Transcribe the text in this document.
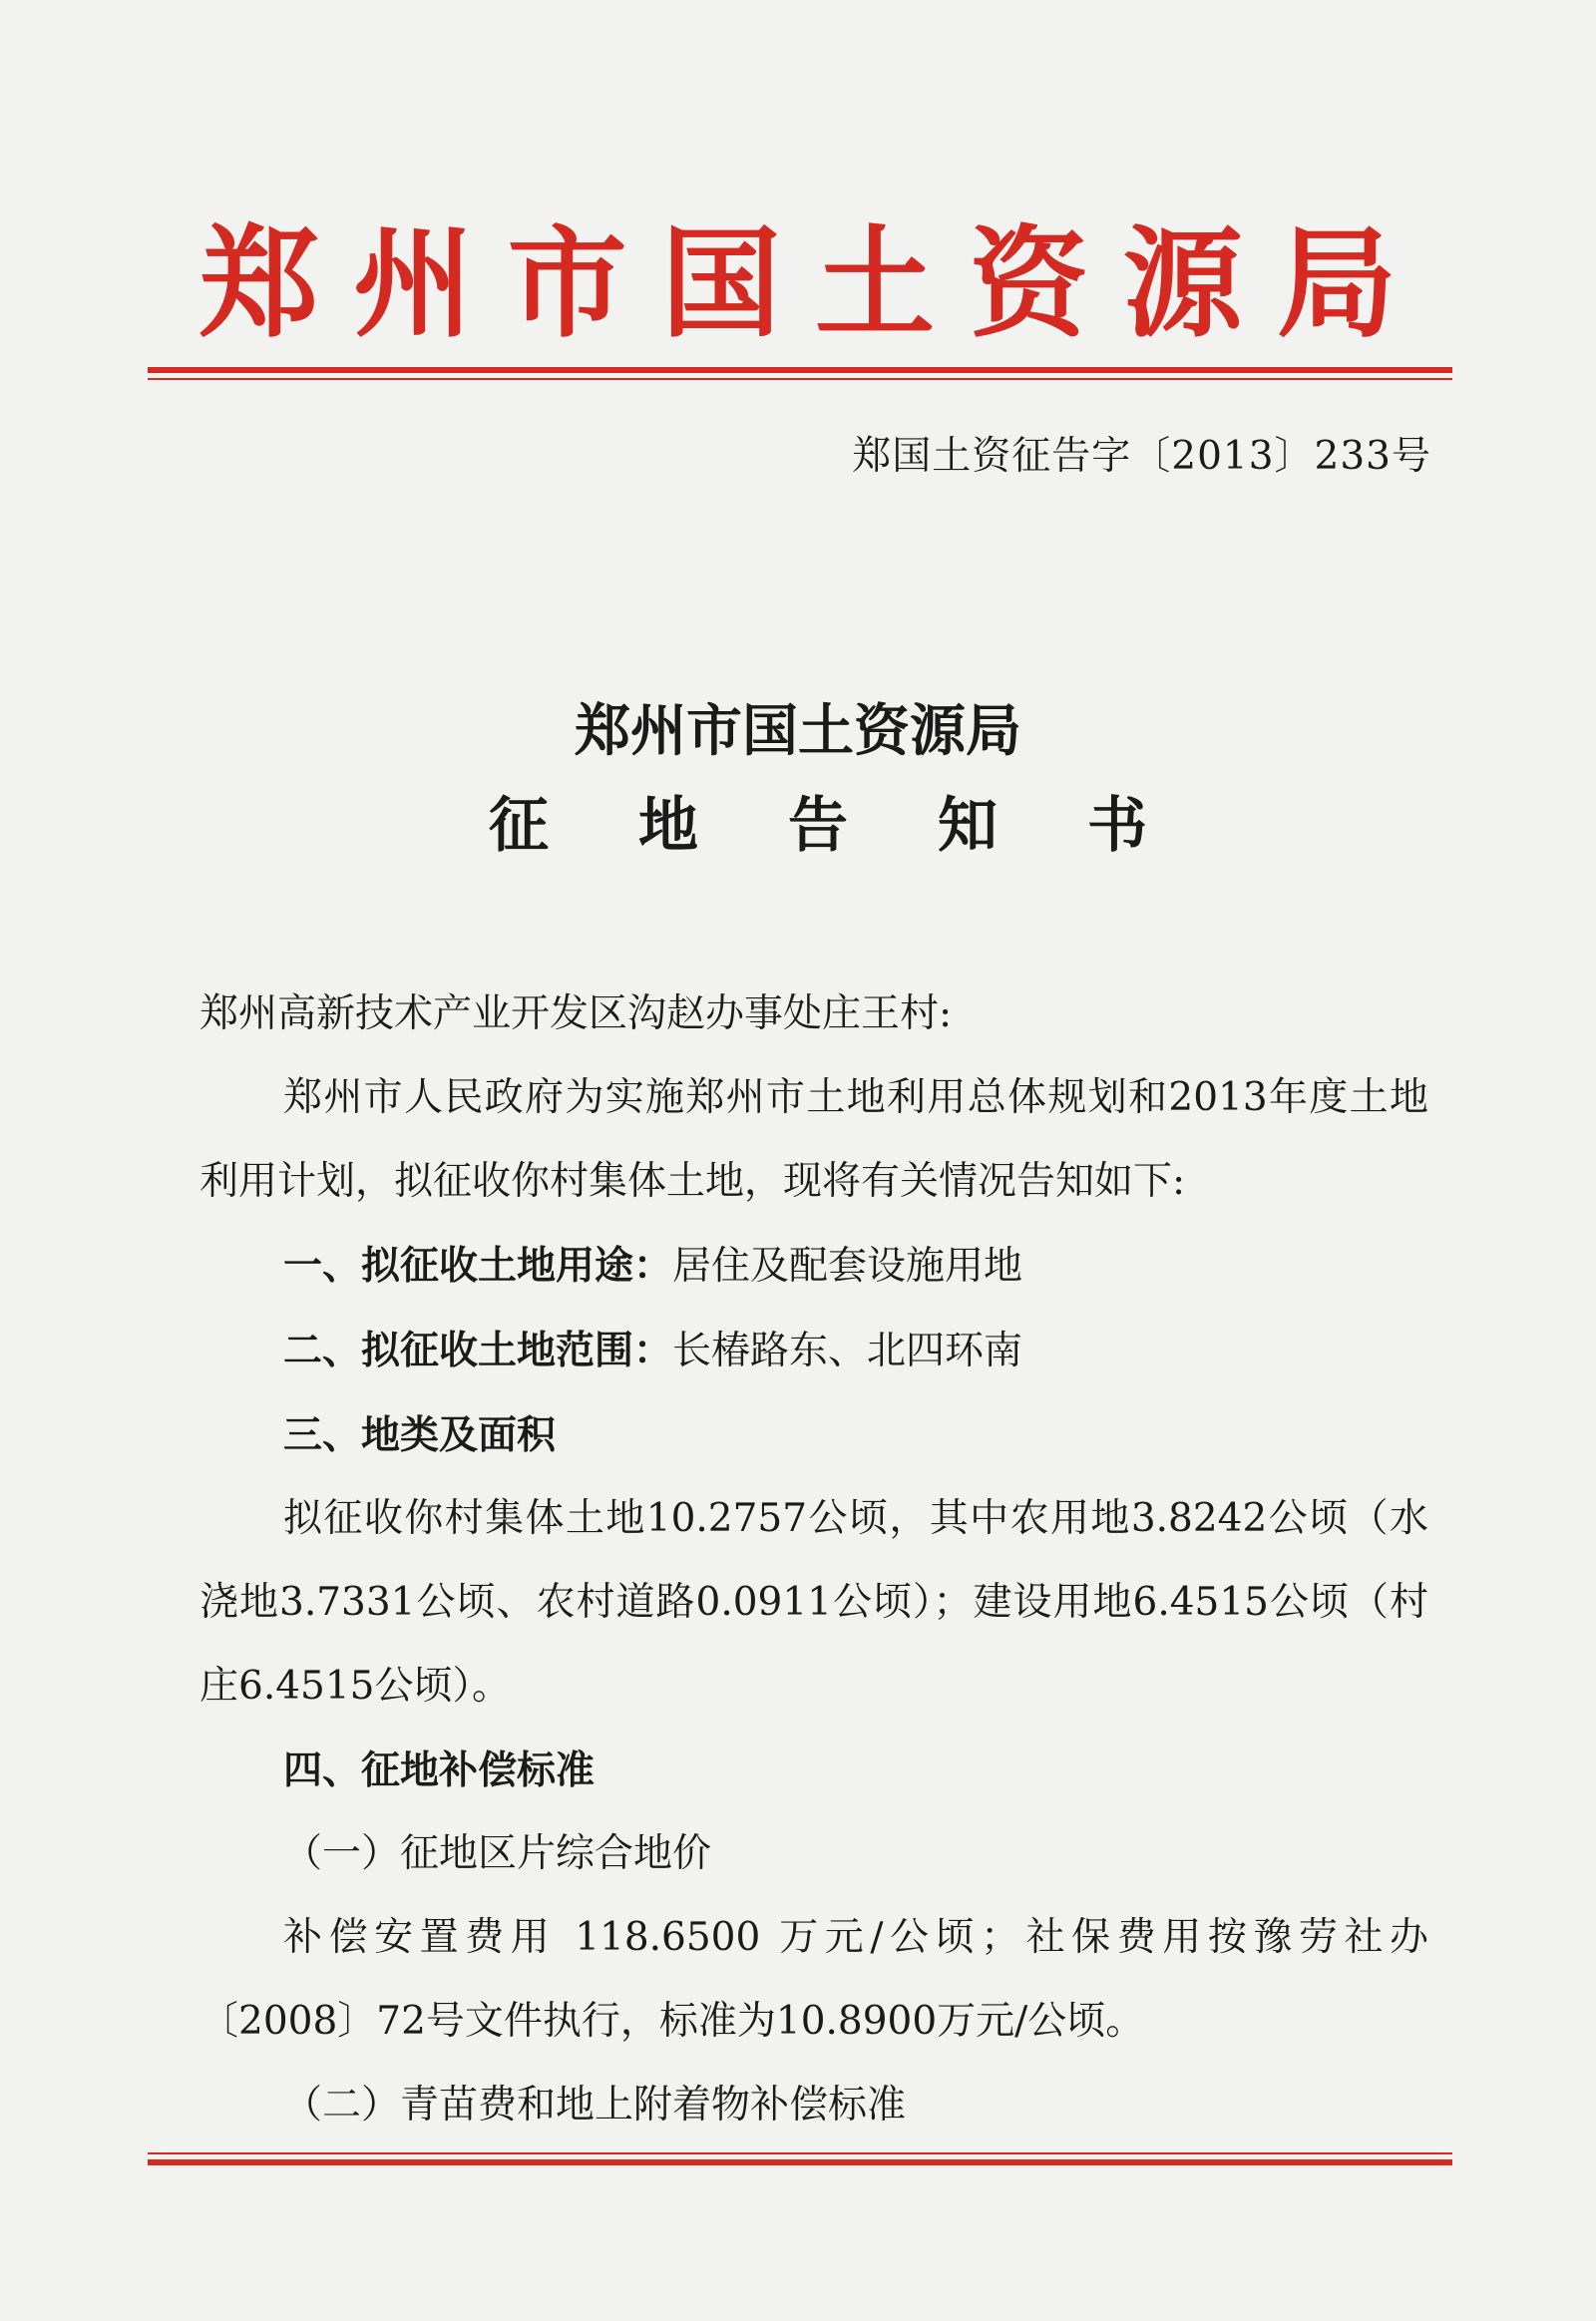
郑 州 市 国 土 资 源 局
郑国土资征告字〔2013〕233号
郑州市国土资源局
征 地 告 知 书

郑州高新技术产业开发区沟赵办事处庄王村:

郑州市人民政府为实施郑州市土地利用总体规划和2013年度土地利用计划，拟征收你村集体土地，现将有关情况告知如下:

一、拟征收土地用途：居住及配套设施用地

二、拟征收土地范围：长椿路东、北四环南

三、地类及面积

拟征收你村集体土地10.2757公顷，其中农用地3.8242公顷（水浇地3.7331公顷、农村道路0.0911公顷）；建设用地6.4515公顷（村庄6.4515公顷）。

四、征地补偿标准

（一）征地区片综合地价

补偿安置费用 118.6500 万元/公顷；社保费用按豫劳社办〔2008〕72号文件执行，标准为10.8900万元/公顷。

（二）青苗费和地上附着物补偿标准
